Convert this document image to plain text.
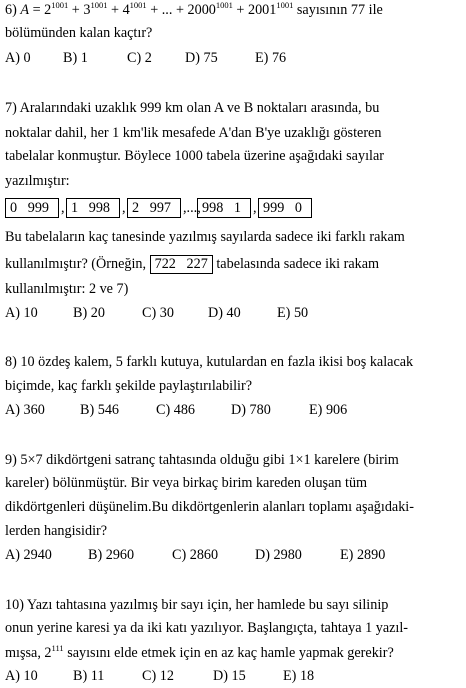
6) $A = 2^{1001} + 3^{1001} + 4^{1001}$ + ... + $2000^{1001} + 2001^{1001}$ sayısının 77 ile
bölümünden kalan kaçtır?
A) 0 B) 1	C) 2 D) 75	E) 76
7) Aralarındaki uzaklık 999 km olan A ve B noktaları arasında, bu
noktalar dahil, her 1 km'lik mesafede A'dan B'ye uzaklığı gösteren
tabelalar konmuştur. Böylece 1000 tabela üzerine aşağıdaki sayılar
yazılmıştır:
0   999 , 1   998 , 2   997 ,..., 998   1 , 999   0
Bu tabelaların kaç tanesinde yazılmış sayılarda sadece iki farklı rakam
kullanılmıştır? (Örneğin, 722   227 tabelasında sadece iki rakam
kullanılmıştır: 2 ve 7)
A) 10 B) 20	C) 30 D) 40	E) 50
8) 10 özdeş kalem, 5 farklı kutuya, kutulardan en fazla ikisi boş kalacak
biçimde, kaç farklı şekilde paylaştırılabilir?
A) 360 B) 546	C) 486	D) 780	E) 906
9) 5×7 dikdörtgeni satranç tahtasında olduğu gibi 1×1 karelere (birim
kareler) bölünmüştür. Bir veya birkaç birim kareden oluşan tüm
dikdörtgenleri düşünelim.Bu dikdörtgenlerin alanları toplamı aşağıdaki-
lerden hangisidir?
A) 2940	B) 2960	C) 2860	D) 2980	E) 2890
10) Yazı tahtasına yazılmış bir sayı için, her hamlede bu sayı silinip
onun yerine karesi ya da iki katı yazılıyor. Başlangıçta, tahtaya 1 yazıl-
mışsa, $2^{111}$ sayısını elde etmek için en az kaç hamle yapmak gerekir?
A) 10 B) 11	C) 12	D) 15	E) 18
